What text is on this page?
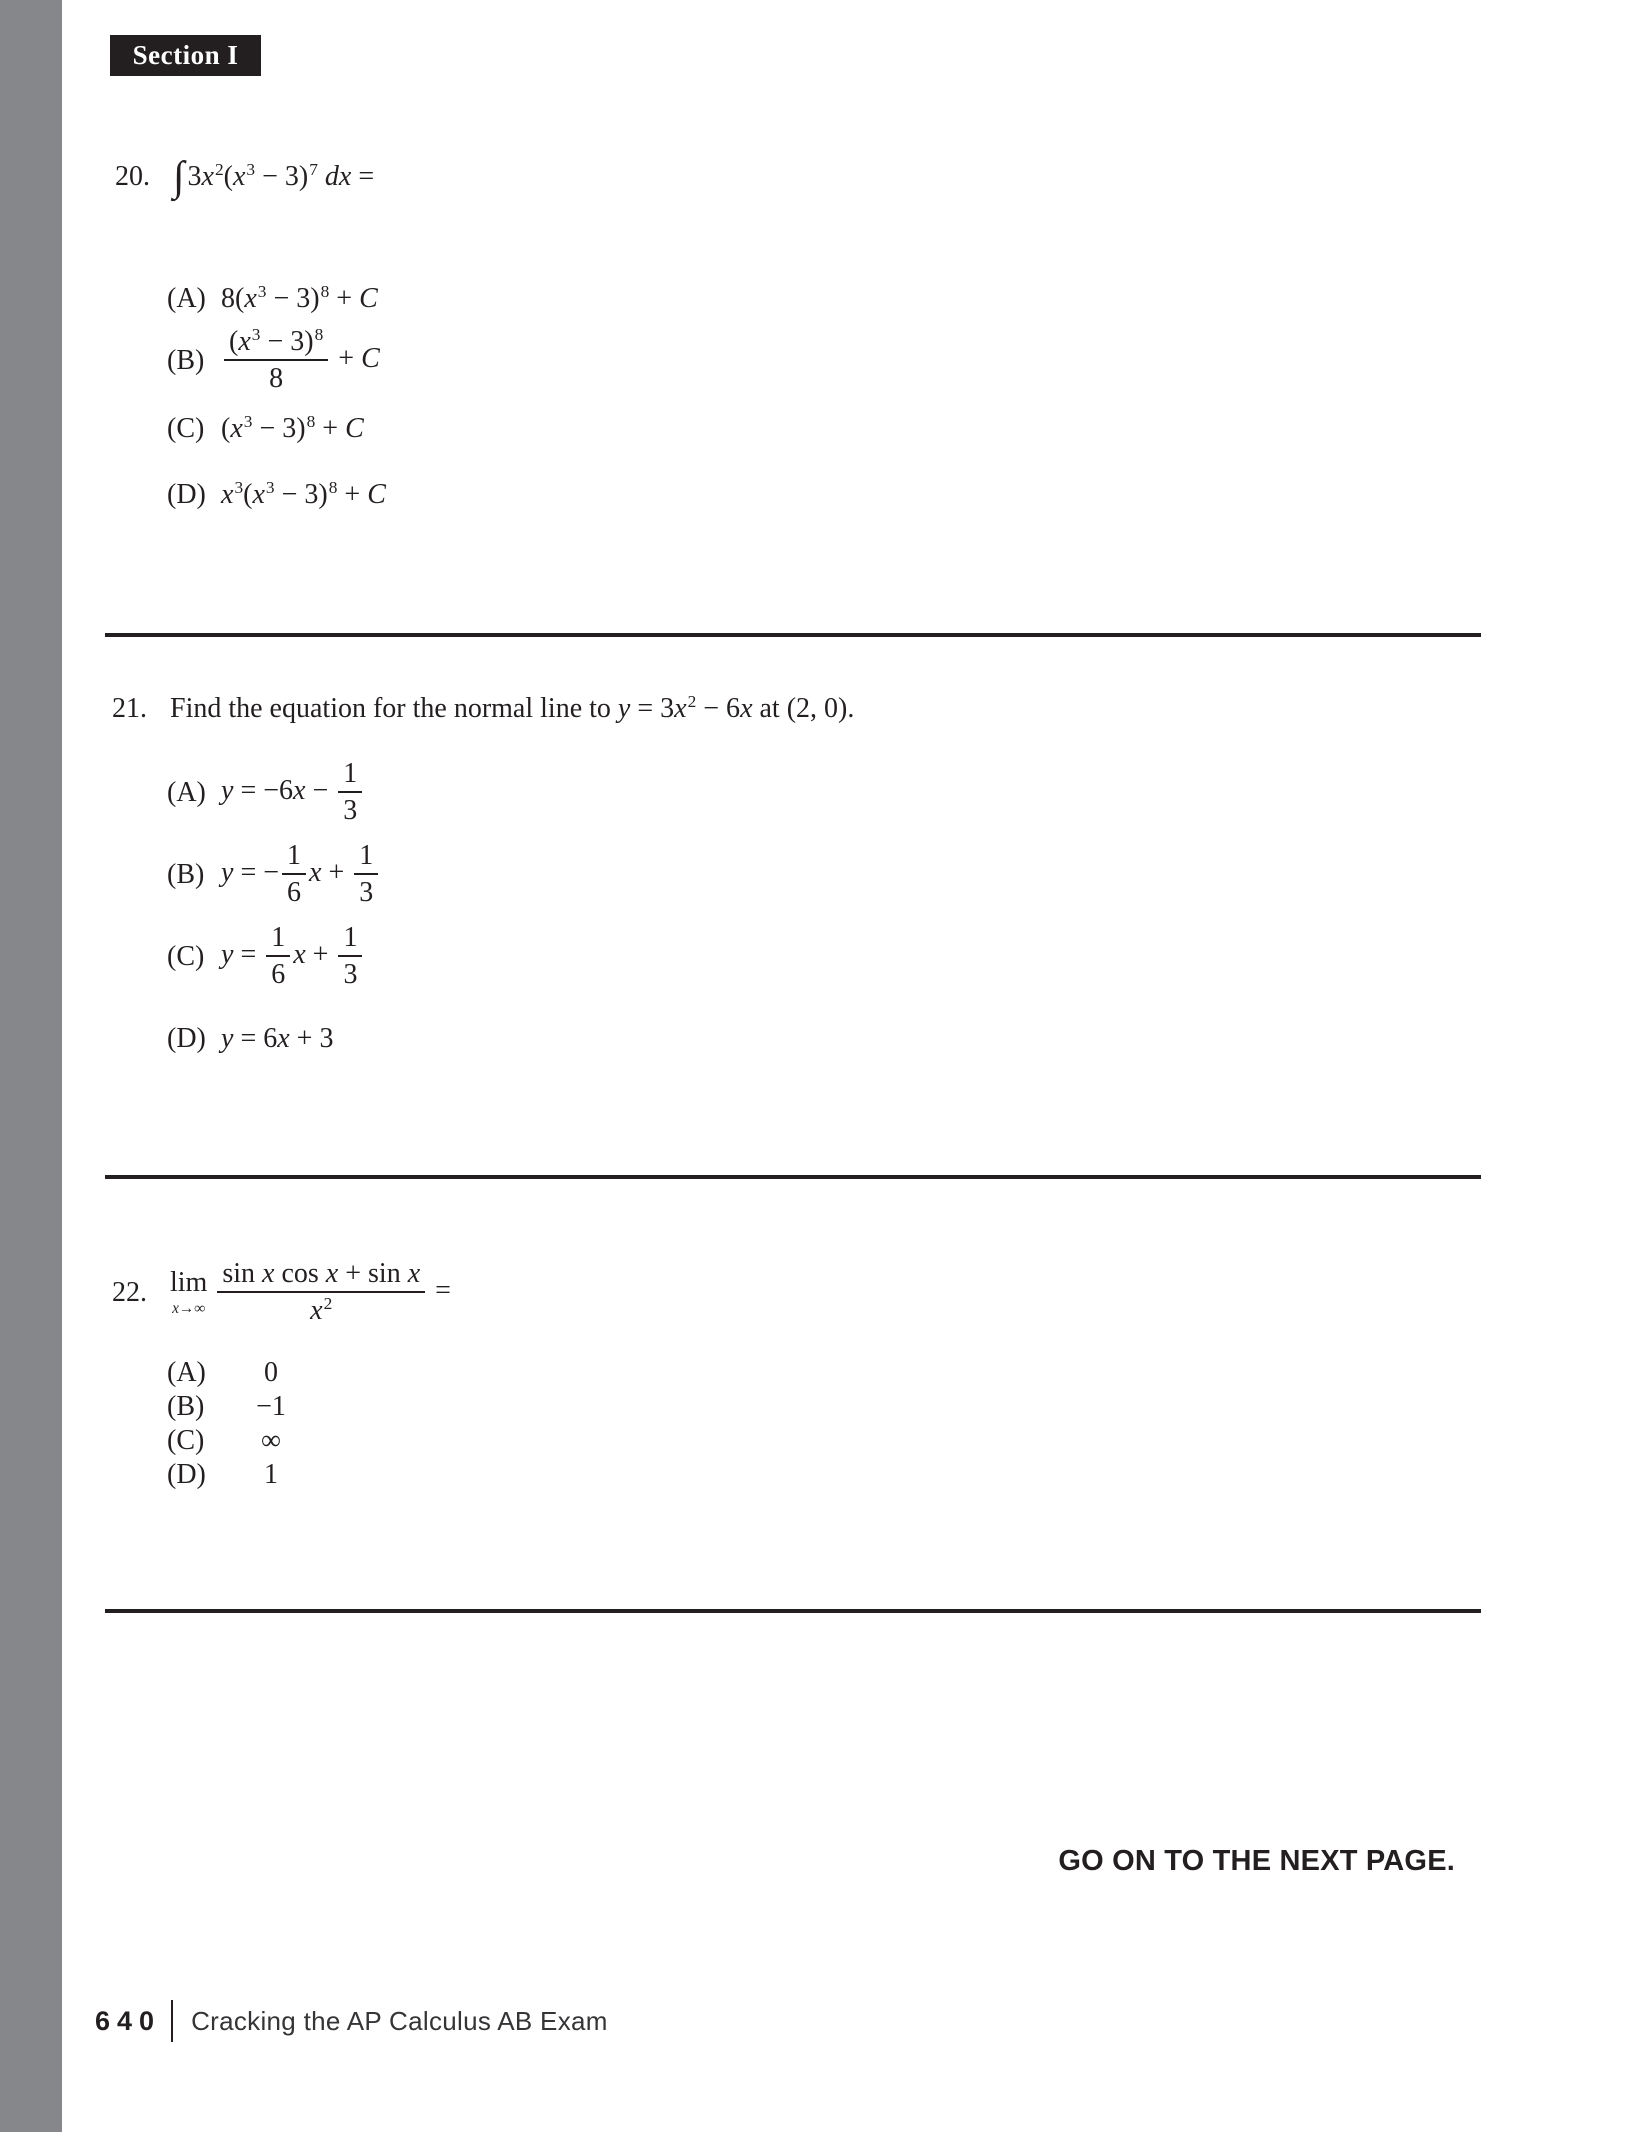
Section I
20. ∫ $3x^2(x^3 - 3)^7$ dx =
(A) $8(x^3 - 3)^8 + C$
$(B) \frac{(x^3 - 3)^8}{8} + C$
(C) $(x^3 - 3)^8 + C$
(D) $x^3(x^3 - 3)^8 + C$
21. Find the equation for the normal line to $y = 3x^2 - 6x$ at (2, 0).
(A) $y = -6x - \frac{1}{3}$
(B) y = − $\frac{1}{6}$ $x + \frac{1}{3}$
(C) $y = \frac{1}{6}$ $x + \frac{1}{3}$
(D) y = 6x + 3
22. lim
$x\to\infty \frac{\text{sin x cos x + sin x}}{x^2}$ =
(A)	0
(B)	−1
(C)	∞
(D)	1
GO ON TO THE NEXT PAGE.
640 Cracking the AP Calculus AB Exam
